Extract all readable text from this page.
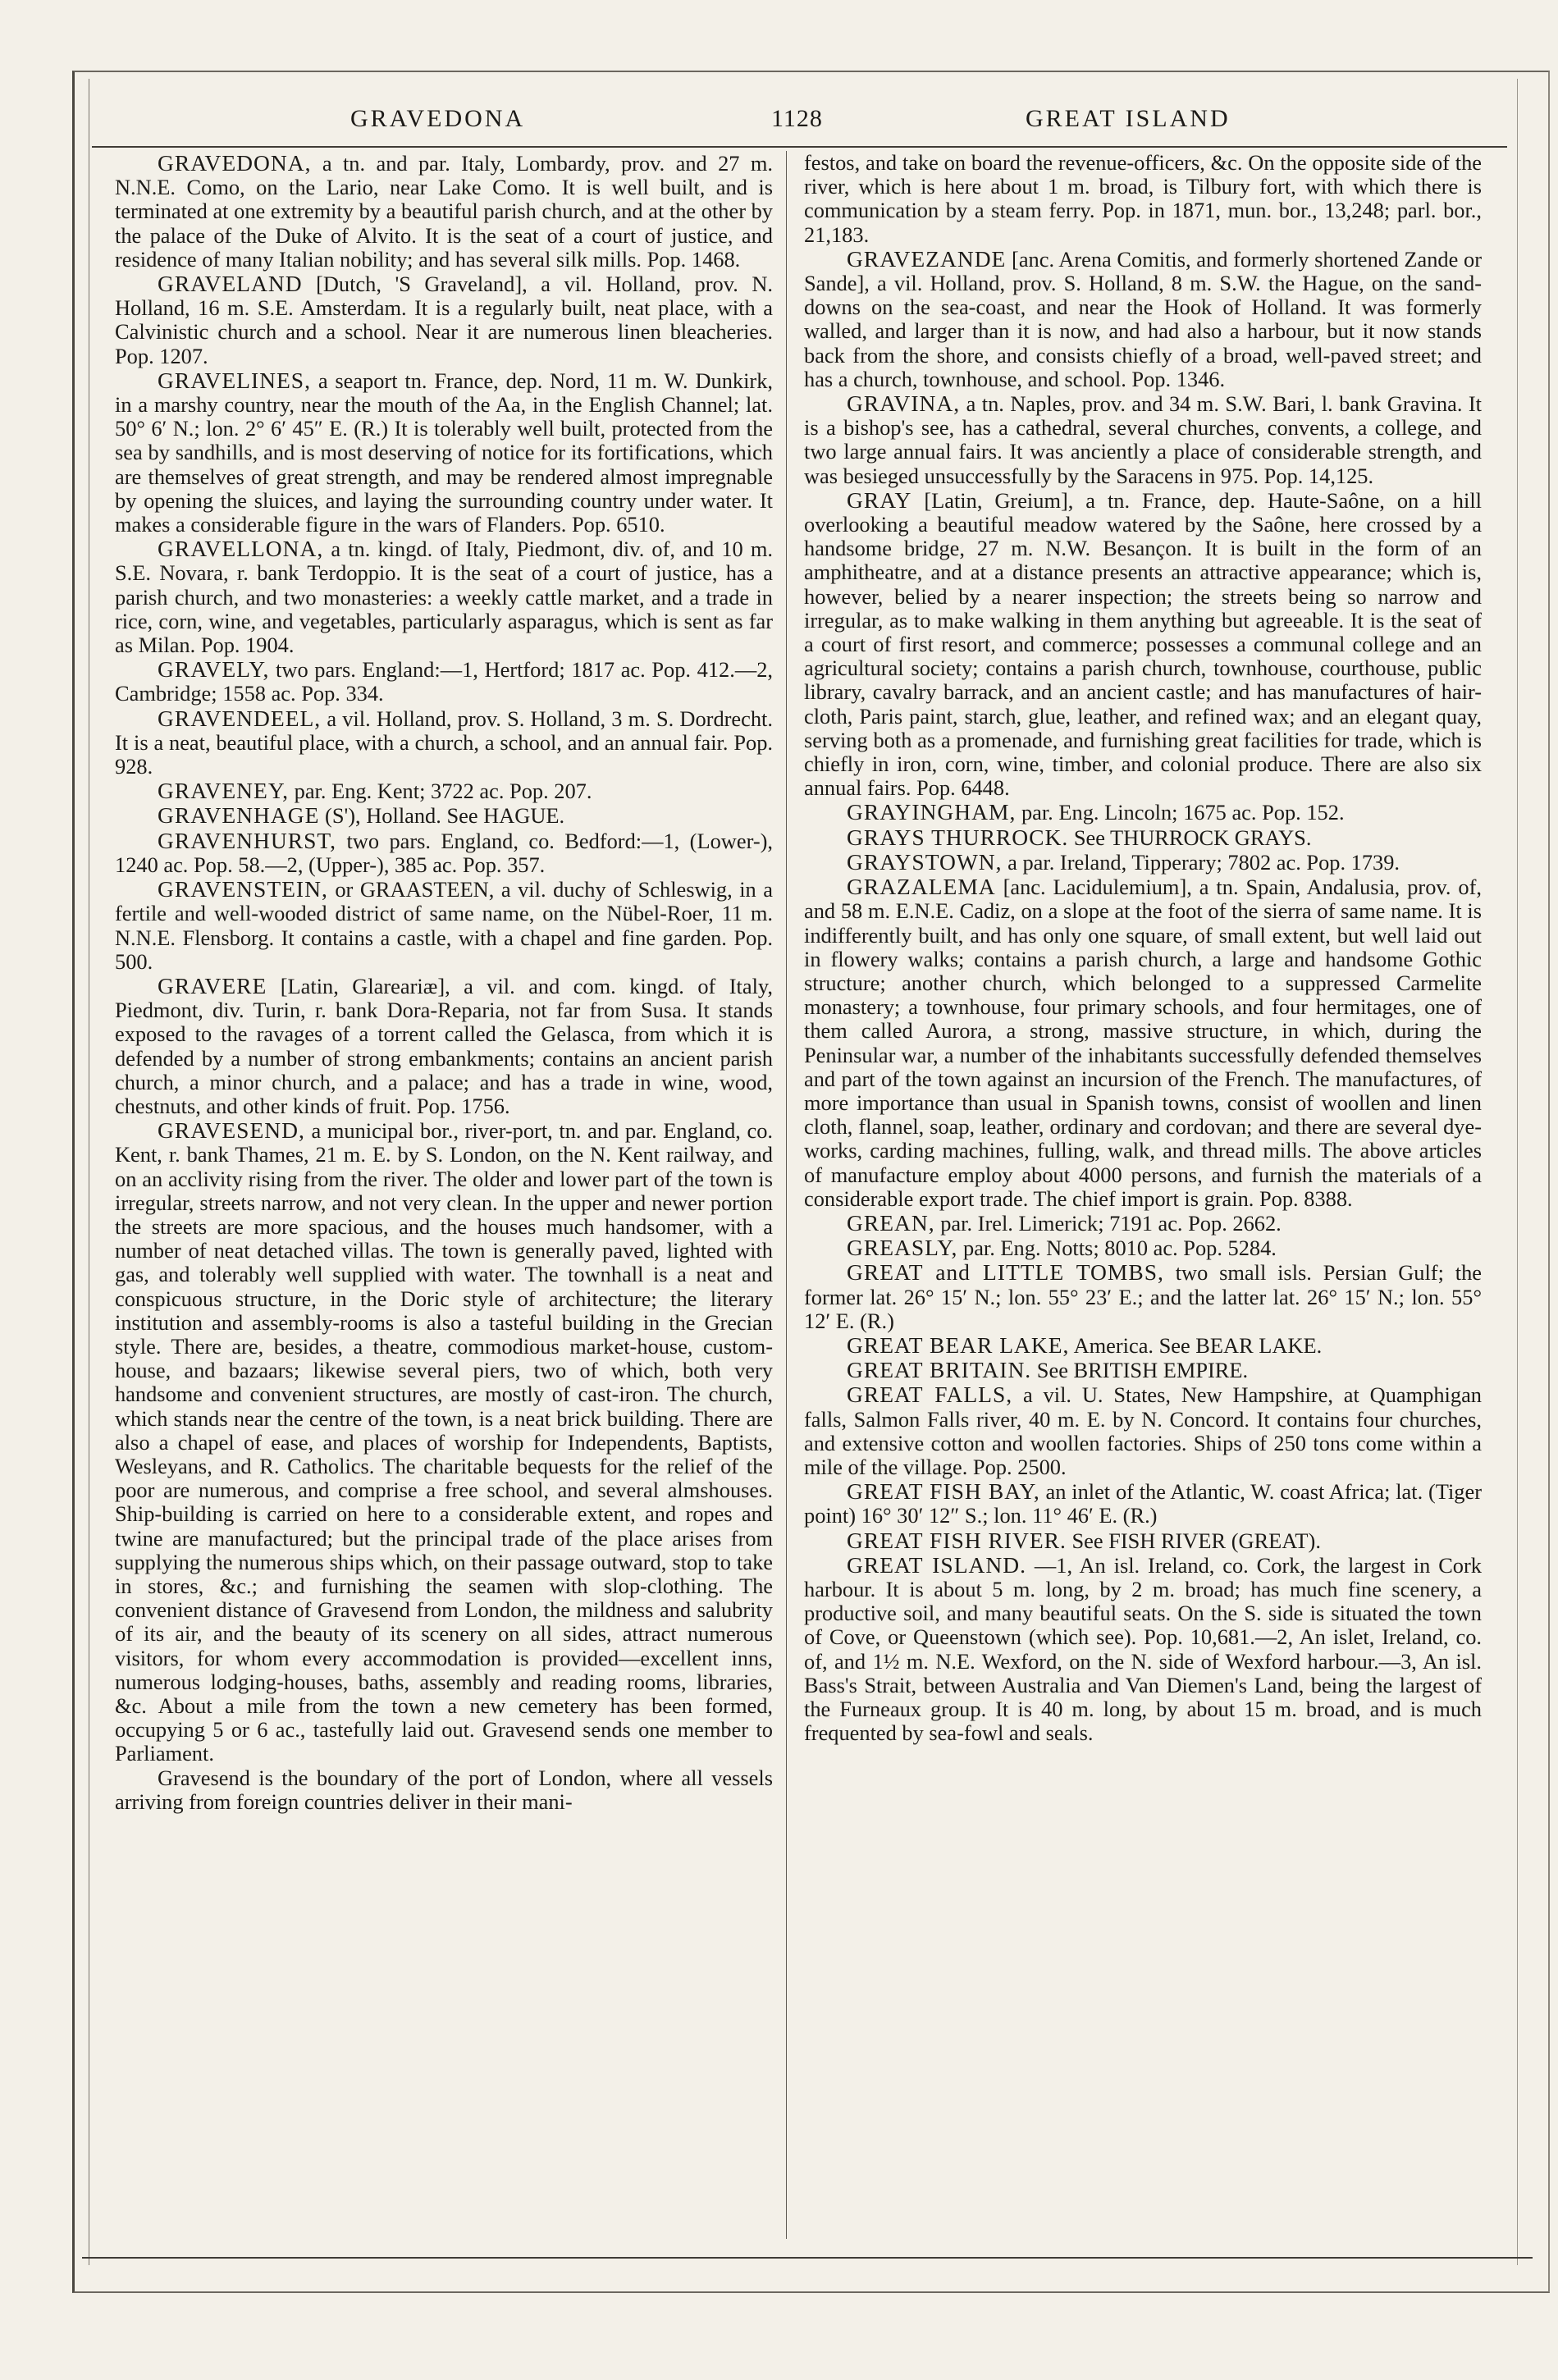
GRAVEDONA	1128	GREAT ISLAND

GRAVEDONA, a tn. and par. Italy, Lombardy, prov. and 27 m. N.N.E. Como, on the Lario, near Lake Como. It is well built, and is terminated at one extremity by a beautiful parish church, and at the other by the palace of the Duke of Alvito. It is the seat of a court of justice, and residence of many Italian nobility; and has several silk mills. Pop. 1468.

GRAVELAND [Dutch, 'S Graveland], a vil. Holland, prov. N. Holland, 16 m. S.E. Amsterdam. It is a regularly built, neat place, with a Calvinistic church and a school. Near it are numerous linen bleacheries. Pop. 1207.

GRAVELINES, a seaport tn. France, dep. Nord, 11 m. W. Dunkirk, in a marshy country, near the mouth of the Aa, in the English Channel; lat. 50° 6′ N.; lon. 2° 6′ 45″ E. (R.) It is tolerably well built, protected from the sea by sandhills, and is most deserving of notice for its fortifications, which are themselves of great strength, and may be rendered almost impregnable by opening the sluices, and laying the surrounding country under water. It makes a considerable figure in the wars of Flanders. Pop. 6510.

GRAVELLONA, a tn. kingd. of Italy, Piedmont, div. of, and 10 m. S.E. Novara, r. bank Terdoppio. It is the seat of a court of justice, has a parish church, and two monasteries: a weekly cattle market, and a trade in rice, corn, wine, and vegetables, particularly asparagus, which is sent as far as Milan. Pop. 1904.

GRAVELY, two pars. England:—1, Hertford; 1817 ac. Pop. 412.—2, Cambridge; 1558 ac. Pop. 334.

GRAVENDEEL, a vil. Holland, prov. S. Holland, 3 m. S. Dordrecht. It is a neat, beautiful place, with a church, a school, and an annual fair. Pop. 928.

GRAVENEY, par. Eng. Kent; 3722 ac. Pop. 207.

GRAVENHAGE (S'), Holland. See HAGUE.

GRAVENHURST, two pars. England, co. Bedford:—1, (Lower-), 1240 ac. Pop. 58.—2, (Upper-), 385 ac. Pop. 357.

GRAVENSTEIN, or GRAASTEEN, a vil. duchy of Schleswig, in a fertile and well-wooded district of same name, on the Nübel-Roer, 11 m. N.N.E. Flensborg. It contains a castle, with a chapel and fine garden. Pop. 500.

GRAVERE [Latin, Glareariæ], a vil. and com. kingd. of Italy, Piedmont, div. Turin, r. bank Dora-Reparia, not far from Susa. It stands exposed to the ravages of a torrent called the Gelasca, from which it is defended by a number of strong embankments; contains an ancient parish church, a minor church, and a palace; and has a trade in wine, wood, chestnuts, and other kinds of fruit. Pop. 1756.

GRAVESEND, a municipal bor., river-port, tn. and par. England, co. Kent, r. bank Thames, 21 m. E. by S. London, on the N. Kent railway, and on an acclivity rising from the river. The older and lower part of the town is irregular, streets narrow, and not very clean. In the upper and newer portion the streets are more spacious, and the houses much handsomer, with a number of neat detached villas. The town is generally paved, lighted with gas, and tolerably well supplied with water. The townhall is a neat and conspicuous structure, in the Doric style of architecture; the literary institution and assembly-rooms is also a tasteful building in the Grecian style. There are, besides, a theatre, commodious market-house, custom-house, and bazaars; likewise several piers, two of which, both very handsome and convenient structures, are mostly of cast-iron. The church, which stands near the centre of the town, is a neat brick building. There are also a chapel of ease, and places of worship for Independents, Baptists, Wesleyans, and R. Catholics. The charitable bequests for the relief of the poor are numerous, and comprise a free school, and several almshouses. Ship-building is carried on here to a considerable extent, and ropes and twine are manufactured; but the principal trade of the place arises from supplying the numerous ships which, on their passage outward, stop to take in stores, &c.; and furnishing the seamen with slop-clothing. The convenient distance of Gravesend from London, the mildness and salubrity of its air, and the beauty of its scenery on all sides, attract numerous visitors, for whom every accommodation is provided—excellent inns, numerous lodging-houses, baths, assembly and reading rooms, libraries, &c. About a mile from the town a new cemetery has been formed, occupying 5 or 6 ac., tastefully laid out. Gravesend sends one member to Parliament.

Gravesend is the boundary of the port of London, where all vessels arriving from foreign countries deliver in their mani-

festos, and take on board the revenue-officers, &c. On the opposite side of the river, which is here about 1 m. broad, is Tilbury fort, with which there is communication by a steam ferry. Pop. in 1871, mun. bor., 13,248; parl. bor., 21,183.

GRAVEZANDE [anc. Arena Comitis, and formerly shortened Zande or Sande], a vil. Holland, prov. S. Holland, 8 m. S.W. the Hague, on the sand-downs on the sea-coast, and near the Hook of Holland. It was formerly walled, and larger than it is now, and had also a harbour, but it now stands back from the shore, and consists chiefly of a broad, well-paved street; and has a church, townhouse, and school. Pop. 1346.

GRAVINA, a tn. Naples, prov. and 34 m. S.W. Bari, l. bank Gravina. It is a bishop's see, has a cathedral, several churches, convents, a college, and two large annual fairs. It was anciently a place of considerable strength, and was besieged unsuccessfully by the Saracens in 975. Pop. 14,125.

GRAY [Latin, Greium], a tn. France, dep. Haute-Saône, on a hill overlooking a beautiful meadow watered by the Saône, here crossed by a handsome bridge, 27 m. N.W. Besançon. It is built in the form of an amphitheatre, and at a distance presents an attractive appearance; which is, however, belied by a nearer inspection; the streets being so narrow and irregular, as to make walking in them anything but agreeable. It is the seat of a court of first resort, and commerce; possesses a communal college and an agricultural society; contains a parish church, townhouse, courthouse, public library, cavalry barrack, and an ancient castle; and has manufactures of hair-cloth, Paris paint, starch, glue, leather, and refined wax; and an elegant quay, serving both as a promenade, and furnishing great facilities for trade, which is chiefly in iron, corn, wine, timber, and colonial produce. There are also six annual fairs. Pop. 6448.

GRAYINGHAM, par. Eng. Lincoln; 1675 ac. Pop. 152.

GRAYS THURROCK. See THURROCK GRAYS.

GRAYSTOWN, a par. Ireland, Tipperary; 7802 ac. Pop. 1739.

GRAZALEMA [anc. Lacidulemium], a tn. Spain, Andalusia, prov. of, and 58 m. E.N.E. Cadiz, on a slope at the foot of the sierra of same name. It is indifferently built, and has only one square, of small extent, but well laid out in flowery walks; contains a parish church, a large and handsome Gothic structure; another church, which belonged to a suppressed Carmelite monastery; a townhouse, four primary schools, and four hermitages, one of them called Aurora, a strong, massive structure, in which, during the Peninsular war, a number of the inhabitants successfully defended themselves and part of the town against an incursion of the French. The manufactures, of more importance than usual in Spanish towns, consist of woollen and linen cloth, flannel, soap, leather, ordinary and cordovan; and there are several dye-works, carding machines, fulling, walk, and thread mills. The above articles of manufacture employ about 4000 persons, and furnish the materials of a considerable export trade. The chief import is grain. Pop. 8388.

GREAN, par. Irel. Limerick; 7191 ac. Pop. 2662.

GREASLY, par. Eng. Notts; 8010 ac. Pop. 5284.

GREAT and LITTLE TOMBS, two small isls. Persian Gulf; the former lat. 26° 15′ N.; lon. 55° 23′ E.; and the latter lat. 26° 15′ N.; lon. 55° 12′ E. (R.)

GREAT BEAR LAKE, America. See BEAR LAKE.

GREAT BRITAIN. See BRITISH EMPIRE.

GREAT FALLS, a vil. U. States, New Hampshire, at Quamphigan falls, Salmon Falls river, 40 m. E. by N. Concord. It contains four churches, and extensive cotton and woollen factories. Ships of 250 tons come within a mile of the village. Pop. 2500.

GREAT FISH BAY, an inlet of the Atlantic, W. coast Africa; lat. (Tiger point) 16° 30′ 12″ S.; lon. 11° 46′ E. (R.)

GREAT FISH RIVER. See FISH RIVER (GREAT).

GREAT ISLAND. —1, An isl. Ireland, co. Cork, the largest in Cork harbour. It is about 5 m. long, by 2 m. broad; has much fine scenery, a productive soil, and many beautiful seats. On the S. side is situated the town of Cove, or Queenstown (which see). Pop. 10,681.—2, An islet, Ireland, co. of, and 1½ m. N.E. Wexford, on the N. side of Wexford harbour.—3, An isl. Bass's Strait, between Australia and Van Diemen's Land, being the largest of the Furneaux group. It is 40 m. long, by about 15 m. broad, and is much frequented by sea-fowl and seals.
